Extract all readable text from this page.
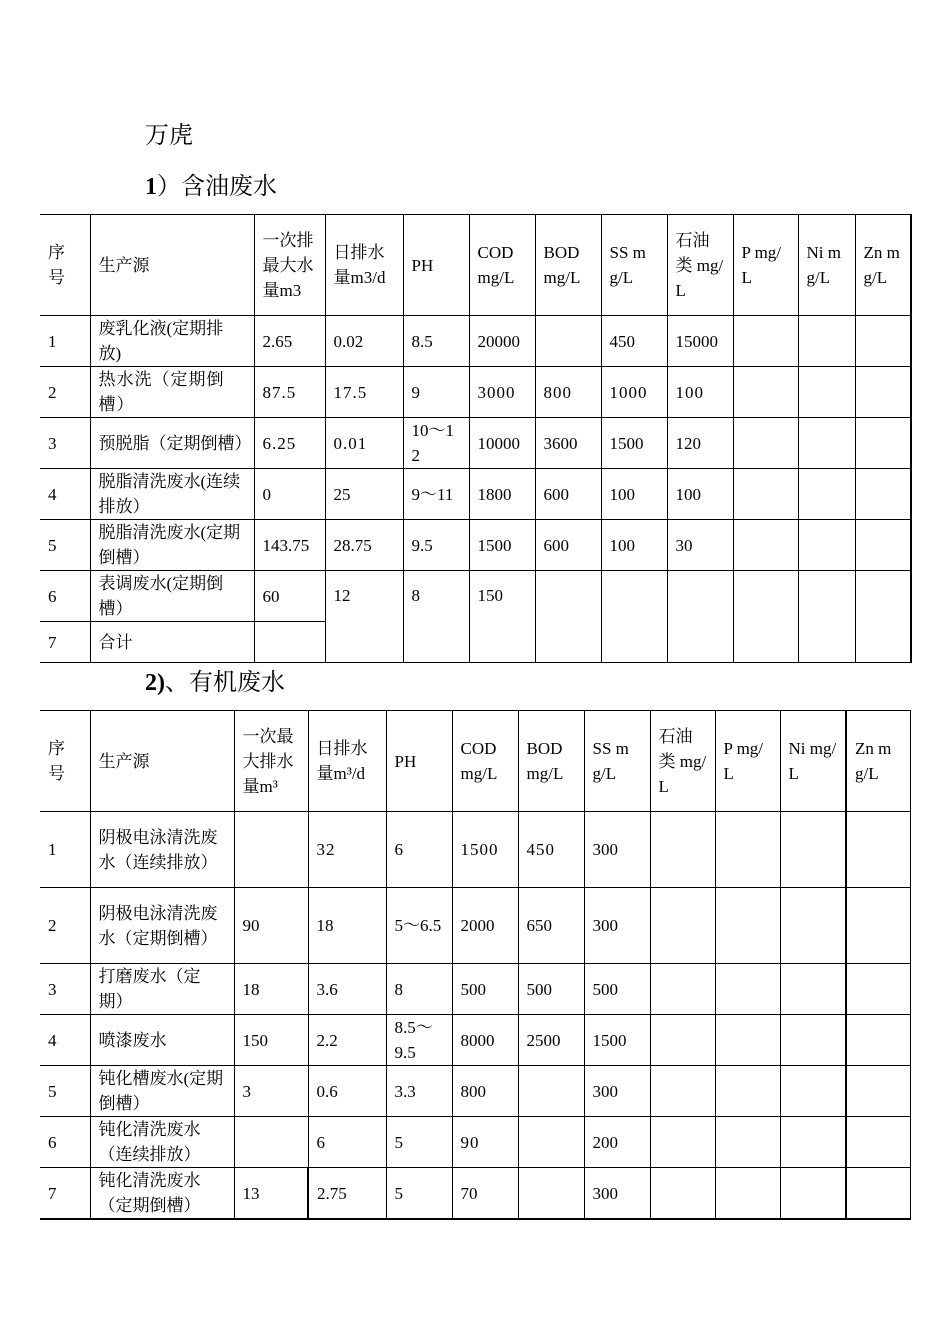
万虎
1）含油废水
序号	生产源	一次排最大水量m3	日排水量m3/d	PH	COD mg/L	BOD mg/L	SS mg/L	石油类 mg/L	P mg/L	Ni mg/L	Zn mg/L
1	废乳化液(定期排放)	2.65	0.02	8.5	20000		450	15000			
2	热水洗（定期倒槽）	87.5	17.5	9	3000	800	1000	100			
3	预脱脂（定期倒槽）	6.25	0.01	10～12	10000	3600	1500	120			
4	脱脂清洗废水(连续排放）	0	25	9～11	1800	600	100	100			
5	脱脂清洗废水(定期倒槽）	143.75	28.75	9.5	1500	600	100	30			
6	表调废水(定期倒槽）	60	12	8	150						
7	合计										
2)、有机废水
序号	生产源	一次最大排水量m³	日排水量m³/d	PH	COD mg/L	BOD mg/L	SS mg/L	石油类 mg/L	P mg/L	Ni mg/L	Zn mg/L
1	阴极电泳清洗废水（连续排放）		32	6	1500	450	300				
2	阴极电泳清洗废水（定期倒槽）	90	18	5～6.5	2000	650	300				
3	打磨废水（定期）	18	3.6	8	500	500	500				
4	喷漆废水	150	2.2	8.5～9.5	8000	2500	1500				
5	钝化槽废水(定期倒槽）	3	0.6	3.3	800		300				
6	钝化清洗废水（连续排放）		6	5	90		200				
7	钝化清洗废水（定期倒槽）	13	2.75	5	70		300				
